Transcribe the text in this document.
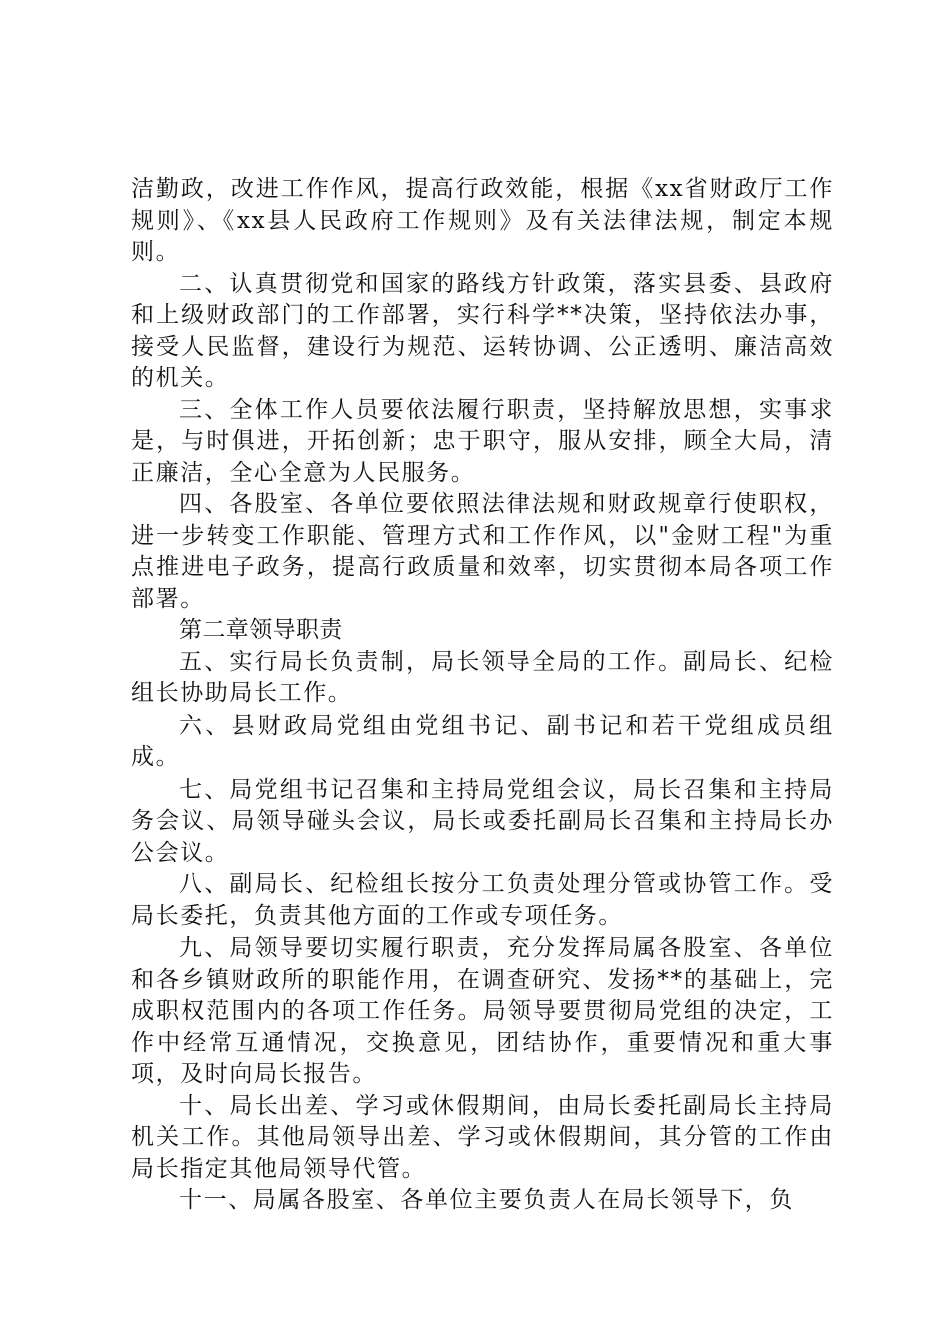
洁勤政，改进工作作风，提高行政效能，根据《xx省财政厅工作规则》、《xx县人民政府工作规则》及有关法律法规，制定本规则。

二、认真贯彻党和国家的路线方针政策，落实县委、县政府和上级财政部门的工作部署，实行科学**决策，坚持依法办事，接受人民监督，建设行为规范、运转协调、公正透明、廉洁高效的机关。

三、全体工作人员要依法履行职责，坚持解放思想，实事求是，与时俱进，开拓创新；忠于职守，服从安排，顾全大局，清正廉洁，全心全意为人民服务。

四、各股室、各单位要依照法律法规和财政规章行使职权，进一步转变工作职能、管理方式和工作作风，以"金财工程"为重点推进电子政务，提高行政质量和效率，切实贯彻本局各项工作部署。

第二章领导职责

五、实行局长负责制，局长领导全局的工作。副局长、纪检组长协助局长工作。

六、县财政局党组由党组书记、副书记和若干党组成员组成。

七、局党组书记召集和主持局党组会议，局长召集和主持局务会议、局领导碰头会议，局长或委托副局长召集和主持局长办公会议。

八、副局长、纪检组长按分工负责处理分管或协管工作。受局长委托，负责其他方面的工作或专项任务。

九、局领导要切实履行职责，充分发挥局属各股室、各单位和各乡镇财政所的职能作用，在调查研究、发扬**的基础上，完成职权范围内的各项工作任务。局领导要贯彻局党组的决定，工作中经常互通情况，交换意见，团结协作，重要情况和重大事项，及时向局长报告。

十、局长出差、学习或休假期间，由局长委托副局长主持局机关工作。其他局领导出差、学习或休假期间，其分管的工作由局长指定其他局领导代管。

十一、局属各股室、各单位主要负责人在局长领导下，负
